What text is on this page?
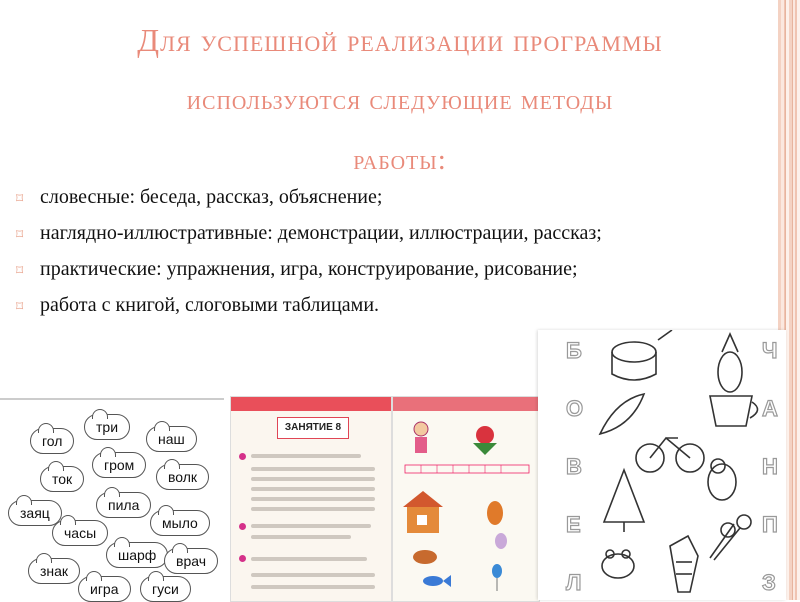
Для успешной реализации программы
используются следующие методы
работы:
⌑ словесные: беседа, рассказ, объяснение;
⌑ наглядно-иллюстративные: демонстрации, иллюстрации, рассказ;
⌑ практические: упражнения, игра, конструирование, рисование;
⌑ работа с книгой, слоговыми таблицами.
гол
три
наш
ток
гром
волк
заяц	пила
мыло
часы
шарф	врач
знак
игра	гуси
ЗАНЯТИЕ 8
Б
О
В
Е
Л
Ч
А
Н
П
З
